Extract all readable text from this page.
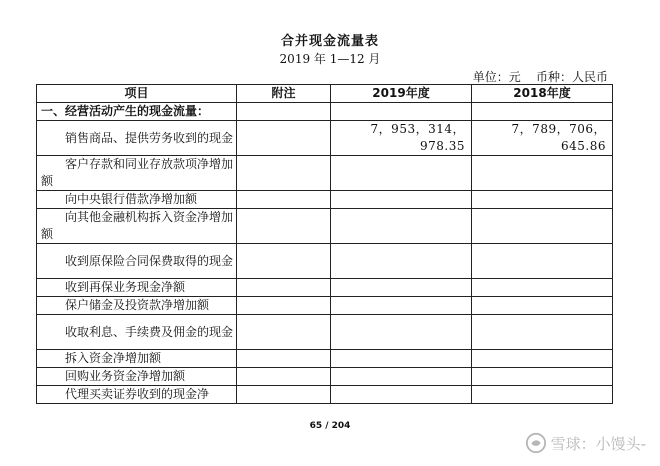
合并现金流量表
2019 年 1—12 月
单位：元    币种：人民币
项目	附注	2019年度	2018年度
一、经营活动产生的现金流量：			
销售商品、提供劳务收到的现金		7，953，314，978.35	7，789，706，645.86
客户存款和同业存放款项净增加额			
向中央银行借款净增加额			
向其他金融机构拆入资金净增加额			
收到原保险合同保费取得的现金			
收到再保业务现金净额			
保户储金及投资款净增加额			
收取利息、手续费及佣金的现金			
拆入资金净增加额			
回购业务资金净增加额			
代理买卖证券收到的现金净			
65 / 204
雪球：小馒头-
